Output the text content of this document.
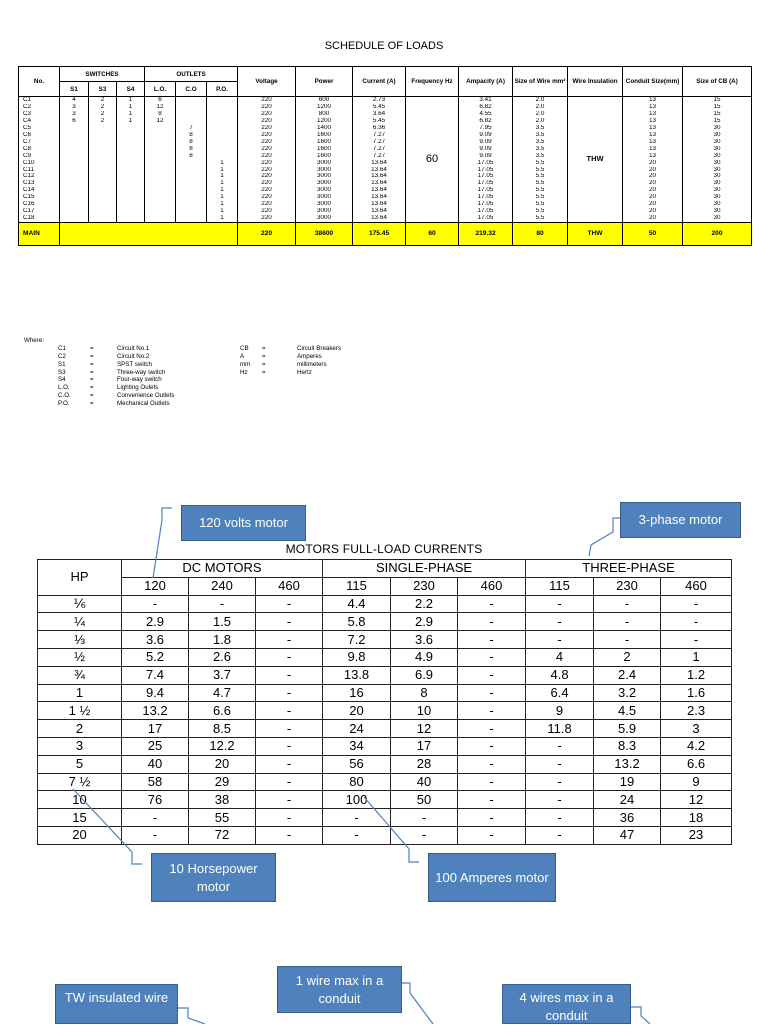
SCHEDULE OF LOADS
No.	SWITCHES			OUTLETS			Voltage	Power	Current (A)	Frequency Hz	Ampacity (A)	Size of Wire mm²	Wire Insulation	Conduit Size(mm)	Size of CB (A)
	S1	S3	S4	L.O.	C.O	P.O.									
C1	4	2	1	6			220	600	2.73	60	3.41	2.0	THW	13	15
C2	3	2	1	12			220	1200	5.45		6.82	2.0		13	15
C3	3	2	1	8			220	800	3.64		4.55	2.0		13	15
C4	6	2	1	12			220	1200	5.45		6.82	2.0		13	15
C5					7		220	1400	6.36		7.95	3.5		13	30
C6					8		220	1600	7.27		9.09	3.5		13	30
C7					8		220	1600	7.27		9.09	3.5		13	30
C8					8		220	1600	7.27		9.09	3.5		13	30
C9					8		220	1600	7.27		9.09	3.5		13	30
C10						1	220	3000	13.64		17.05	5.5		20	30
C11						1	220	3000	13.64		17.05	5.5		20	30
C12						1	220	3000	13.64		17.05	5.5		20	30
C13						1	220	3000	13.64		17.05	5.5		20	30
C14						1	220	3000	13.64		17.05	5.5		20	30
C15						1	220	3000	13.64		17.05	5.5		20	30
C16						1	220	3000	13.64		17.05	5.5		20	30
C17						1	220	3000	13.64		17.05	5.5		20	30
C18						1	220	3000	13.64		17.05	5.5		20	30
MAIN							220	38600	175.45	60	219.32	80	THW	50	200
Where:
C1	=	Circuit No.1	CB =	Circuit Breakers
C2	=	Circuit No.2	A	=	Amperes
S1	=	SPST switch	mm =	millimeters
S3	=	Three-way switch	Hz =	Hertz
S4	=	Four-way switch
L.O.	=	Lighting Oulets
C.O.	=	Convenience Outlets
P.O.	=	Mechanical Outlets
MOTORS FULL-LOAD CURRENTS
HP	DC MOTORS			SINGLE-PHASE			THREE-PHASE		
	120	240	460	115	230	460	115	230	460
⅙	-	-	-	4.4	2.2	-	-	-	-
¼	2.9	1.5	-	5.8	2.9	-	-	-	-
⅓	3.6	1.8	-	7.2	3.6	-	-	-	-
½	5.2	2.6	-	9.8	4.9	-	4	2	1
¾	7.4	3.7	-	13.8	6.9	-	4.8	2.4	1.2
1	9.4	4.7	-	16	8	-	6.4	3.2	1.6
1 ½	13.2	6.6	-	20	10	-	9	4.5	2.3
2	17	8.5	-	24	12	-	11.8	5.9	3
3	25	12.2	-	34	17	-	-	8.3	4.2
5	40	20	-	56	28	-	-	13.2	6.6
7 ½	58	29	-	80	40	-	-	19	9
10	76	38	-	100	50	-	-	24	12
15	-	55	-	-	-	-	-	36	18
20	-	72	-	-	-	-	-	47	23
120 volts motor	3-phase motor
10 Horsepower motor
100 Amperes motor
TW insulated wire
1 wire max in a conduit	4 wires max in a conduit
